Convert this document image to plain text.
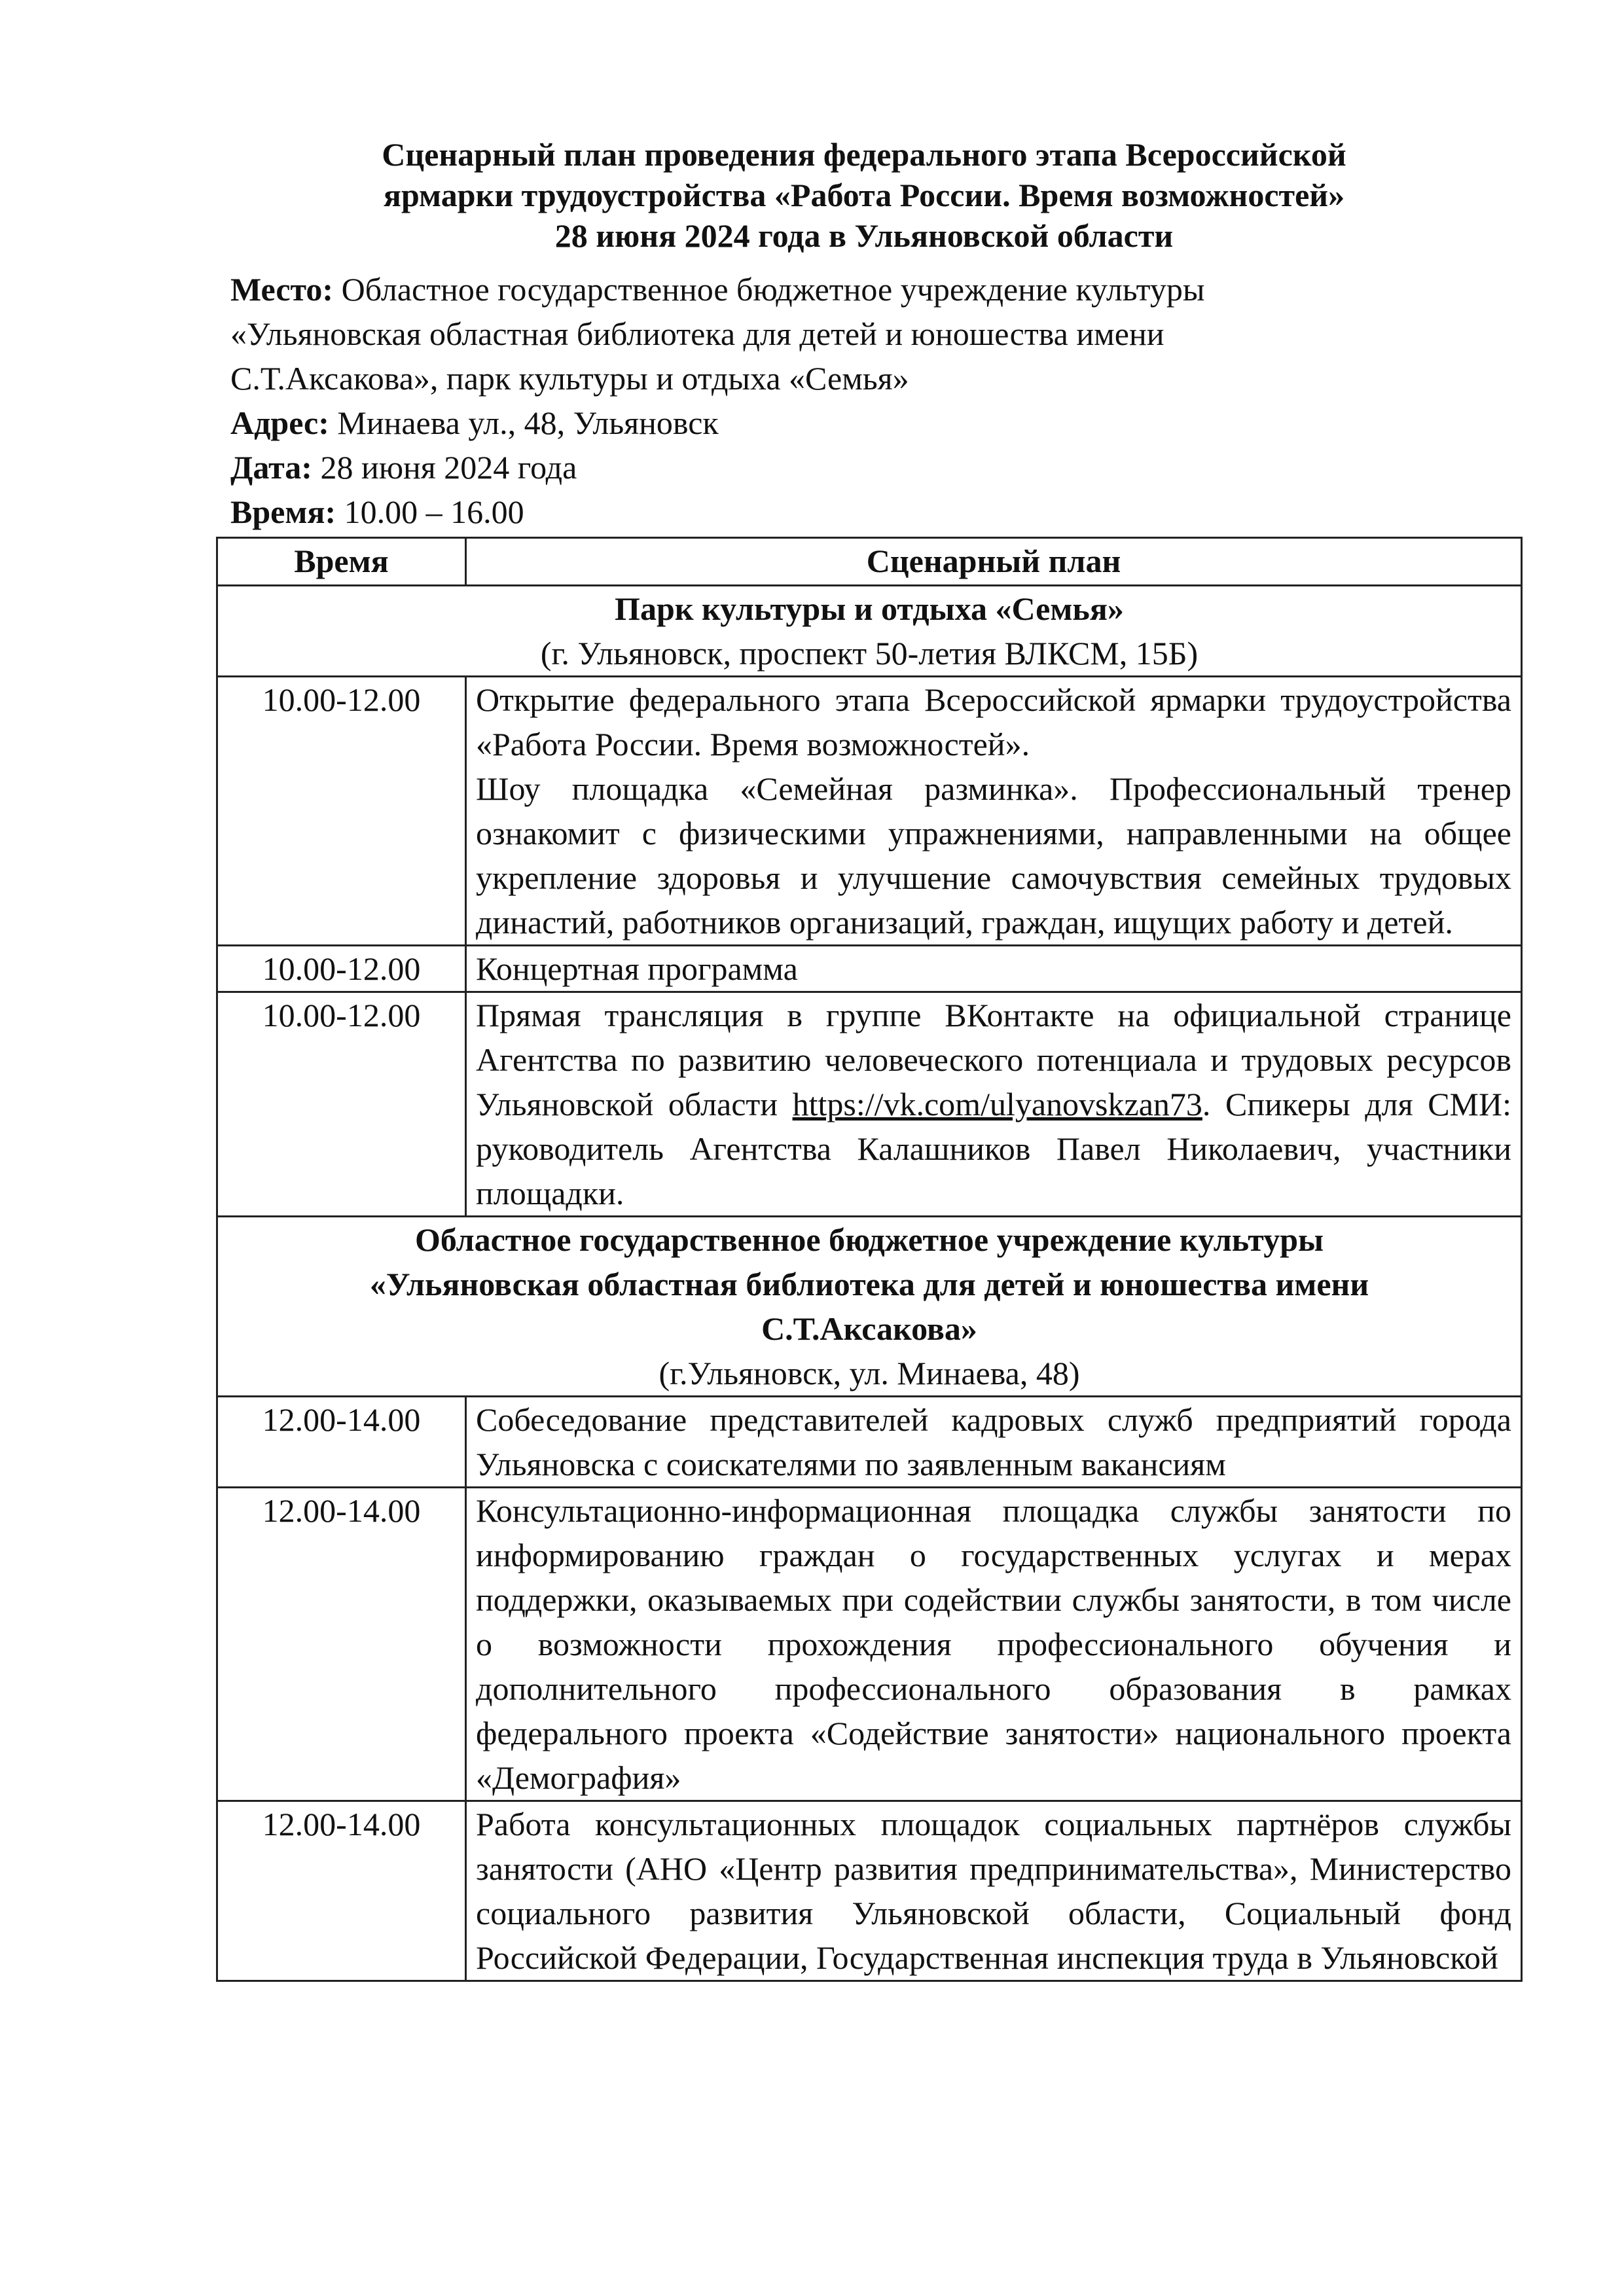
Сценарный план проведения федерального этапа Всероссийской
ярмарки трудоустройства «Работа России. Время возможностей»
28 июня 2024 года в Ульяновской области
Место: Областное государственное бюджетное учреждение культуры
«Ульяновская областная библиотека для детей и юношества имени
С.Т.Аксакова», парк культуры и отдыха «Семья»
Адрес: Минаева ул., 48, Ульяновск
Дата: 28 июня 2024 года
Время: 10.00 – 16.00
Время	Сценарный план

Парк культуры и отдыха «Семья»
(г. Ульяновск, проспект 50-летия ВЛКСМ, 15Б)	

10.00-12.00	Открытие федерального этапа Всероссийской ярмарки трудоустройства «Работа России. Время возможностей».
Шоу площадка «Семейная разминка». Профессиональный тренер ознакомит с физическими упражнениями, направленными на общее укрепление здоровья и улучшение самочувствия семейных трудовых династий, работников организаций, граждан, ищущих работу и детей.

10.00-12.00	Концертная программа
10.00-12.00	Прямая трансляция в группе ВКонтакте на официальной странице Агентства по развитию человеческого потенциала и трудовых ресурсов Ульяновской области https://vk.com/ulyanovskzan73. Спикеры для СМИ: руководитель Агентства Калашников Павел Николаевич, участники площадки.

Областное государственное бюджетное учреждение культуры
«Ульяновская областная библиотека для детей и юношества имени
С.Т.Аксакова»
(г.Ульяновск, ул. Минаева, 48)	

12.00-14.00	Собеседование представителей кадровых служб предприятий города Ульяновска с соискателями по заявленным вакансиям
12.00-14.00	Консультационно-информационная площадка службы занятости по информированию граждан о государственных услугах и мерах поддержки, оказываемых при содействии службы занятости, в том числе о возможности прохождения профессионального обучения и дополнительного профессионального образования в рамках федерального проекта «Содействие занятости» национального проекта «Демография»
12.00-14.00	Работа консультационных площадок социальных партнёров службы занятости (АНО «Центр развития предпринимательства», Министерство социального развития Ульяновской области, Социальный фонд Российской Федерации, Государственная инспекция труда в Ульяновской
